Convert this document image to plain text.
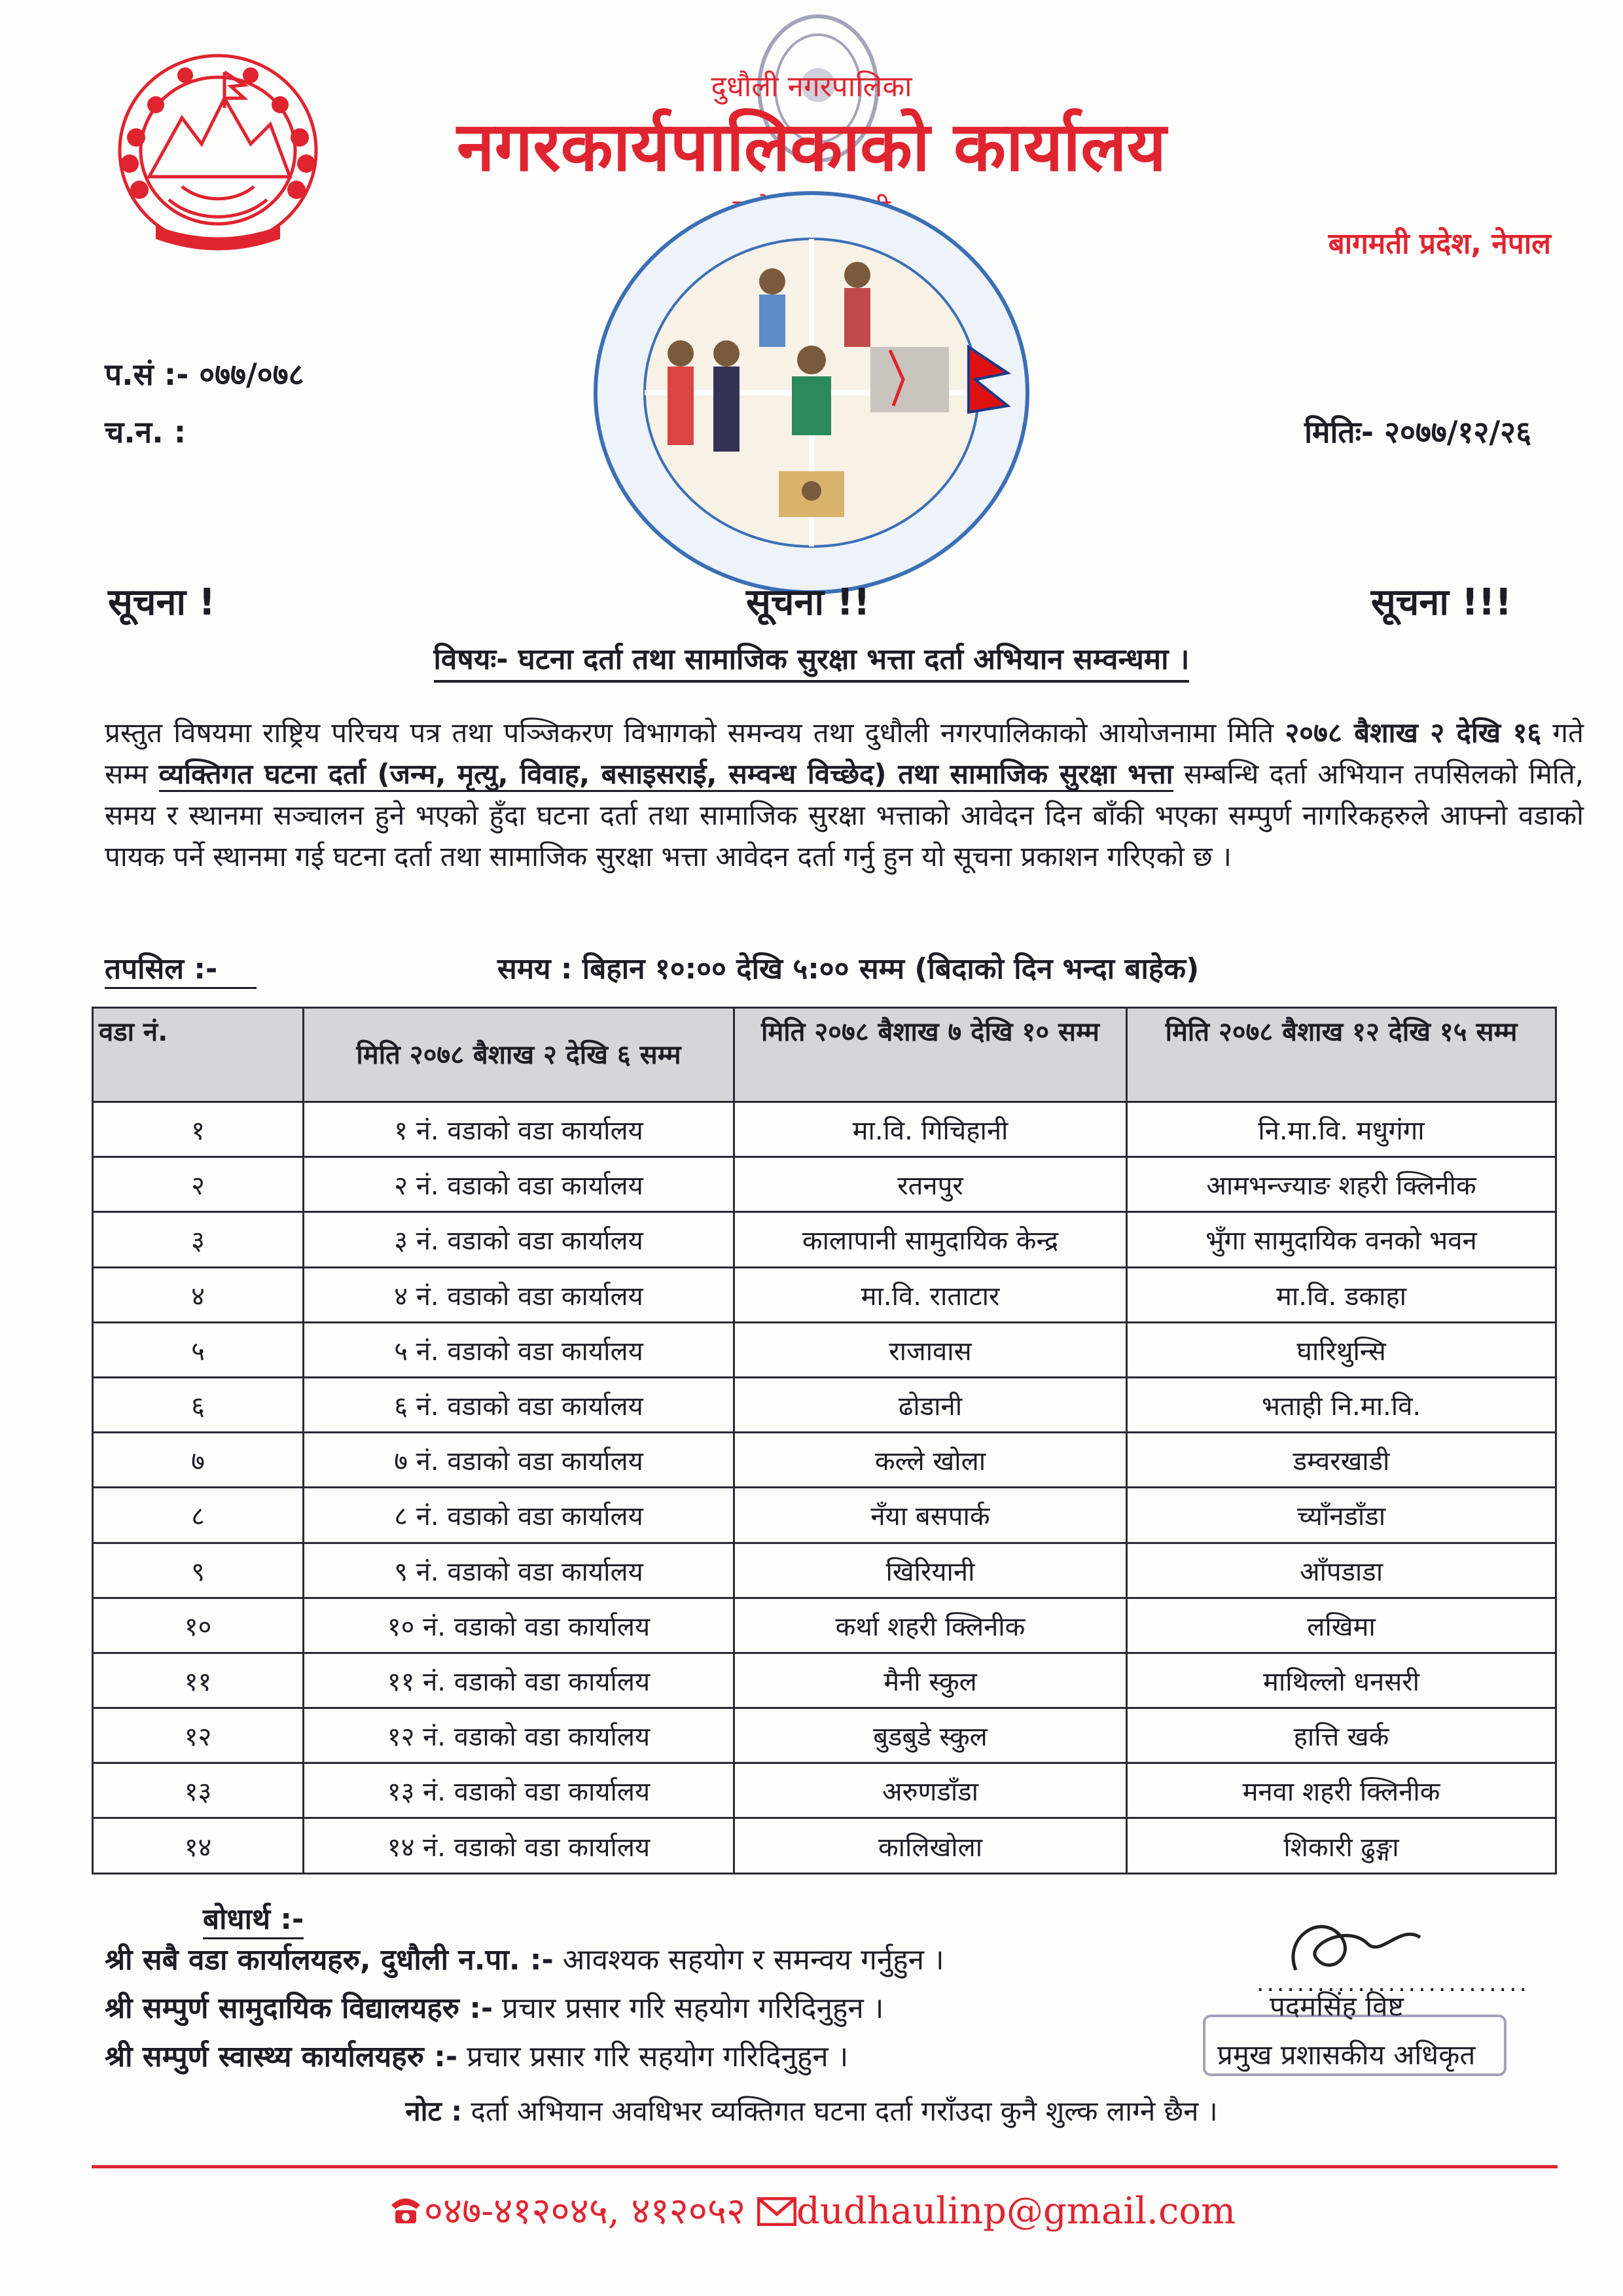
दुधौली नगरपालिका
नगरकार्यपालिकाको कार्यालय
बागमती प्रदेश, नेपाल
प.सं :- ०७७/०७८
च.न. :	मितिः- २०७७/१२/२६
सूचना !	सूचना !!	सूचना !!!
विषयः- घटना दर्ता तथा सामाजिक सुरक्षा भत्ता दर्ता अभियान सम्वन्धमा ।
प्रस्तुत विषयमा राष्ट्रिय परिचय पत्र तथा पञ्जिकरण विभागको समन्वय तथा दुधौली नगरपालिकाको आयोजनामा मिति २०७८ बैशाख २ देखि १६ गते सम्म व्यक्तिगत घटना दर्ता (जन्म, मृत्यु, विवाह, बसाइसराई, सम्वन्ध विच्छेद) तथा सामाजिक सुरक्षा भत्ता सम्बन्धि दर्ता अभियान तपसिलको मिति, समय र स्थानमा सञ्चालन हुने भएको हुँदा घटना दर्ता तथा सामाजिक सुरक्षा भत्ताको आवेदन दिन बाँकी भएका सम्पुर्ण नागरिकहरुले आफ्नो वडाको पायक पर्ने स्थानमा गई घटना दर्ता तथा सामाजिक सुरक्षा भत्ता आवेदन दर्ता गर्नु हुन यो सूचना प्रकाशन गरिएको छ ।
तपसिल :-	समय : बिहान १०:०० देखि ५:०० सम्म (बिदाको दिन भन्दा बाहेक)
वडा नं.	मिति २०७८ बैशाख २ देखि ६ सम्म	मिति २०७८ बैशाख ७ देखि १० सम्म	मिति २०७८ बैशाख १२ देखि १५ सम्म
१	१ नं. वडाको वडा कार्यालय	मा.वि. गिचिहानी	नि.मा.वि. मधुगंगा
२	२ नं. वडाको वडा कार्यालय	रतनपुर	आमभन्ज्याङ शहरी क्लिनीक
३	३ नं. वडाको वडा कार्यालय	कालापानी सामुदायिक केन्द्र	भुँगा सामुदायिक वनको भवन
४	४ नं. वडाको वडा कार्यालय	मा.वि. राताटार	मा.वि. डकाहा
५	५ नं. वडाको वडा कार्यालय	राजावास	घारिथुन्सि
६	६ नं. वडाको वडा कार्यालय	ढोडानी	भताही नि.मा.वि.
७	७ नं. वडाको वडा कार्यालय	कल्ले खोला	डम्वरखाडी
८	८ नं. वडाको वडा कार्यालय	नँया बसपार्क	च्याँनडाँडा
९	९ नं. वडाको वडा कार्यालय	खिरियानी	आँपडाडा
१०	१० नं. वडाको वडा कार्यालय	कर्था शहरी क्लिनीक	लखिमा
११	११ नं. वडाको वडा कार्यालय	मैनी स्कुल	माथिल्लो धनसरी
१२	१२ नं. वडाको वडा कार्यालय	बुडबुडे स्कुल	हात्ति खर्क
१३	१३ नं. वडाको वडा कार्यालय	अरुणडाँडा	मनवा शहरी क्लिनीक
१४	१४ नं. वडाको वडा कार्यालय	कालिखोला	शिकारी ढुङ्गा
बोधार्थ :-
श्री सबै वडा कार्यालयहरु, दुधौली न.पा. :- आवश्यक सहयोग र समन्वय गर्नुहुन ।
श्री सम्पुर्ण सामुदायिक विद्यालयहरु :- प्रचार प्रसार गरि सहयोग गरिदिनुहुन ।
श्री सम्पुर्ण स्वास्थ्य कार्यालयहरु :- प्रचार प्रसार गरि सहयोग गरिदिनुहुन ।
...........................
पदमसिंह विष्ट
प्रमुख प्रशासकीय अधिकृत
नोट : दर्ता अभियान अवधिभर व्यक्तिगत घटना दर्ता गराँउदा कुनै शुल्क लाग्ने छैन ।
०४७-४१२०४५, ४१२०५२ dudhaulinp@gmail.com
